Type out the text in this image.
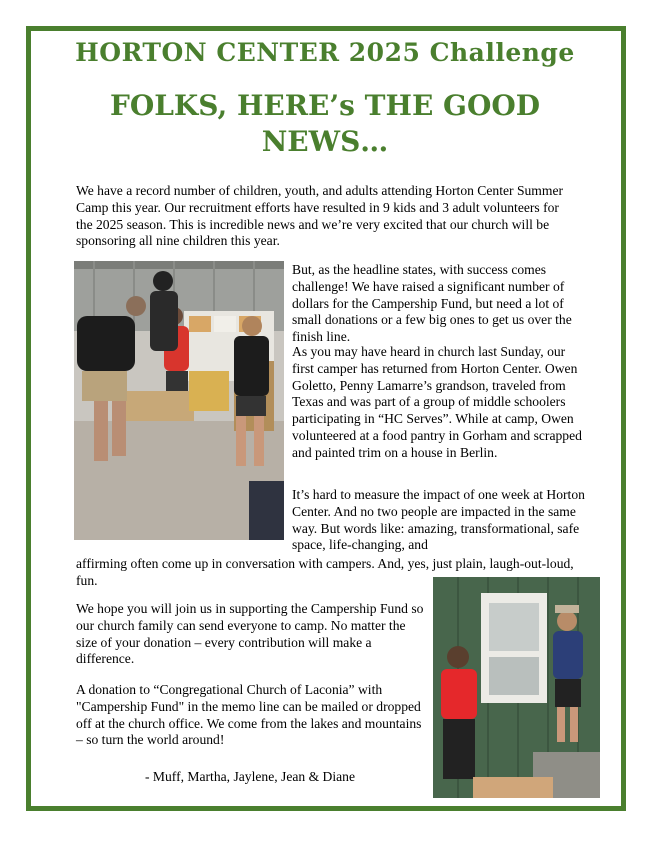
HORTON CENTER 2025 Challenge
FOLKS, HERE’s THE GOOD NEWS…

We have a record number of children, youth, and adults attending Horton Center Summer Camp this year. Our recruitment efforts have resulted in 9 kids and 3 adult volunteers for the 2025 season. This is incredible news and we’re very excited that our church will be sponsoring all nine children this year.

But, as the headline states, with success comes challenge! We have raised a significant number of dollars for the Campership Fund, but need a lot of small donations or a few big ones to get us over the finish line.

As you may have heard in church last Sunday, our first camper has returned from Horton Center. Owen Goletto, Penny Lamarre’s grandson, traveled from Texas and was part of a group of middle schoolers participating in “HC Serves”. While at camp, Owen volunteered at a food pantry in Gorham and scrapped and painted trim on a house in Berlin.

It’s hard to measure the impact of one week at Horton Center. And no two people are impacted in the same way. But words like: amazing, transformational, safe space, life-changing, and

affirming often come up in conversation with campers. And, yes, just plain, laugh-out-loud, fun.

We hope you will join us in supporting the Campership Fund so our church family can send everyone to camp. No matter the size of your donation – every contribution will make a difference.

A donation to “Congregational Church of Laconia” with "Campership Fund" in the memo line can be mailed or dropped off at the church office. We come from the lakes and mountains – so turn the world around!

- Muff, Martha, Jaylene, Jean & Diane
